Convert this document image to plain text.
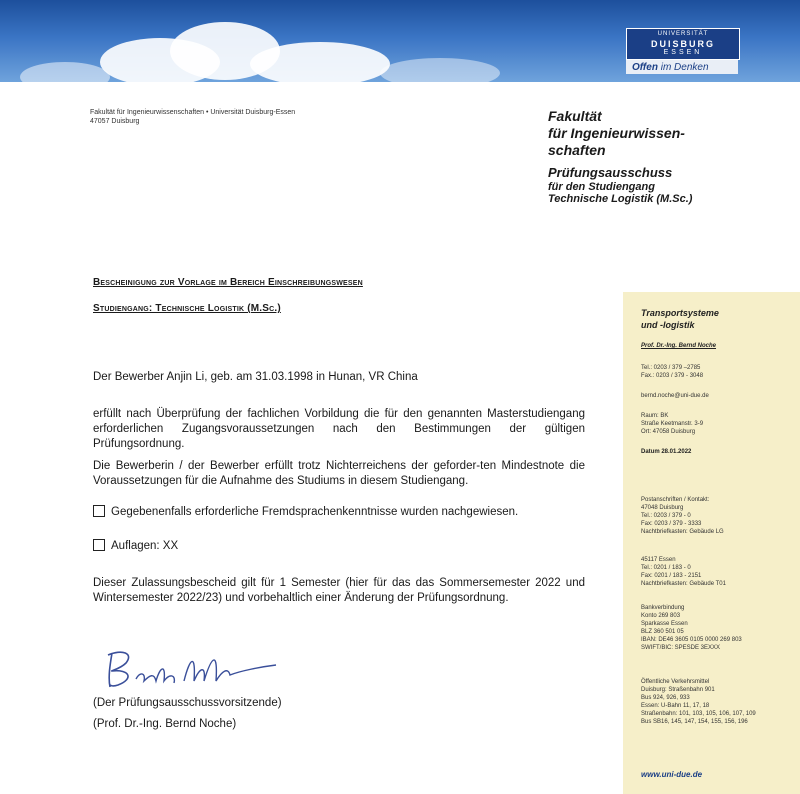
UNIVERSITÄT
DUISBURG
ESSEN
Offen im Denken
Fakultät für Ingenieurwissenschaften • Universität Duisburg-Essen
47057 Duisburg	Fakultät
für Ingenieurwissen-
schaften
Prüfungsausschuss
für den Studiengang
Technische Logistik (M.Sc.)
Bescheinigung zur Vorlage im Bereich Einschreibungswesen
Studiengang: Technische Logistik (M.Sc.)
Der Bewerber Anjin Li, geb. am 31.03.1998 in Hunan, VR China
erfüllt nach Überprüfung der fachlichen Vorbildung die für den genannten Masterstudiengang erforderlichen Zugangsvoraussetzungen nach den Bestimmungen der gültigen Prüfungsordnung.
Die Bewerberin / der Bewerber erfüllt trotz Nichterreichens der geforder-ten Mindestnote die Voraussetzungen für die Aufnahme des Studiums in diesem Studiengang.
Gegebenenfalls erforderliche Fremdsprachenkenntnisse wurden nachgewiesen.
Auflagen: XX
Dieser Zulassungsbescheid gilt für 1 Semester (hier für das das Sommersemester 2022 und Wintersemester 2022/23) und vorbehaltlich einer Änderung der Prüfungsordnung.
(Der Prüfungsausschussvorsitzende)
(Prof. Dr.-Ing. Bernd Noche)
Transportsysteme
und -logistik
Prof. Dr.-Ing. Bernd Noche
Tel.: 0203 / 379 –2785
Fax.: 0203 / 379 - 3048
bernd.noche@uni-due.de
Raum: BK
Straße Keetmanstr. 3-9
Ort: 47058 Duisburg
Datum 28.01.2022
Postanschriften / Kontakt:
47048 Duisburg
Tel.: 0203 / 379 - 0
Fax: 0203 / 379 - 3333
Nachtbriefkasten: Gebäude LG
45117 Essen
Tel.: 0201 / 183 - 0
Fax: 0201 / 183 - 2151
Nachtbriefkasten: Gebäude T01
Bankverbindung
Konto 269 803
Sparkasse Essen
BLZ 360 501 05
IBAN: DE46 3605 0105 0000 269 803
SWIFT/BIC: SPESDE 3EXXX
Öffentliche Verkehrsmittel
Duisburg: Straßenbahn 901
Bus 924, 926, 933
Essen: U-Bahn 11, 17, 18
Straßenbahn: 101, 103, 105, 106, 107, 109
Bus SB16, 145, 147, 154, 155, 156, 196
www.uni-due.de
